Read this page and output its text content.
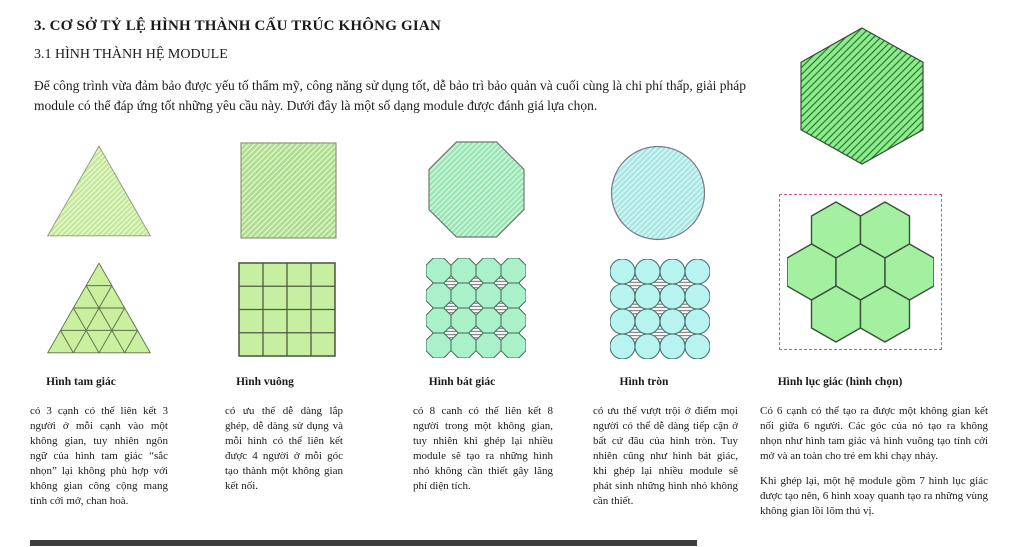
3. CƠ SỞ TỶ LỆ HÌNH THÀNH CẤU TRÚC KHÔNG GIAN
3.1 HÌNH THÀNH HỆ MODULE
Để công trình vừa đảm bảo được yếu tố thẩm mỹ, công năng sử dụng tốt, dễ bảo trì bảo quản và cuối cùng là chi phí thấp, giải pháp module có thể đáp ứng tốt những yêu cầu này. Dưới đây là một số dạng module được đánh giá lựa chọn.
Hình tam giác	Hình vuông	Hình bát giác	Hình tròn	Hình lục giác (hình chọn)

có 3 cạnh có thể liên kết 3 người ở mỗi cạnh vào một không gian, tuy nhiên ngôn ngữ của hình tam giác “sắc nhọn” lại không phù hợp với không gian công cộng mang tính cởi mở, chan hoà.

có ưu thế dễ dàng lắp ghép, dễ dàng sử dụng và mỗi hình có thể liên kết được 4 người ở mỗi góc tạo thành một không gian kết nối.

có 8 canh có thể liên kết 8 người trong một không gian, tuy nhiên khi ghép lại nhiều module sẽ tạo ra những hình nhỏ không cần thiết gây lãng phí diện tích.

có ưu thế vượt trội ở điểm mọi người có thể dễ dàng tiếp cận ở bất cứ đâu của hình tròn. Tuy nhiên cũng như hình bát giác, khi ghép lại nhiều module sẽ phát sinh những hình nhỏ không cần thiết.

Có 6 cạnh có thể tạo ra được một không gian kết nối giữa 6 người. Các góc của nó tạo ra không nhọn như hình tam giác và hình vuông tạo tính cởi mở và an toàn cho trẻ em khi chạy nhảy.

Khi ghép lại, một hệ module gồm 7 hình lục giác được tạo nên, 6 hình xoay quanh tạo ra những vùng không gian lồi lõm thú vị.
